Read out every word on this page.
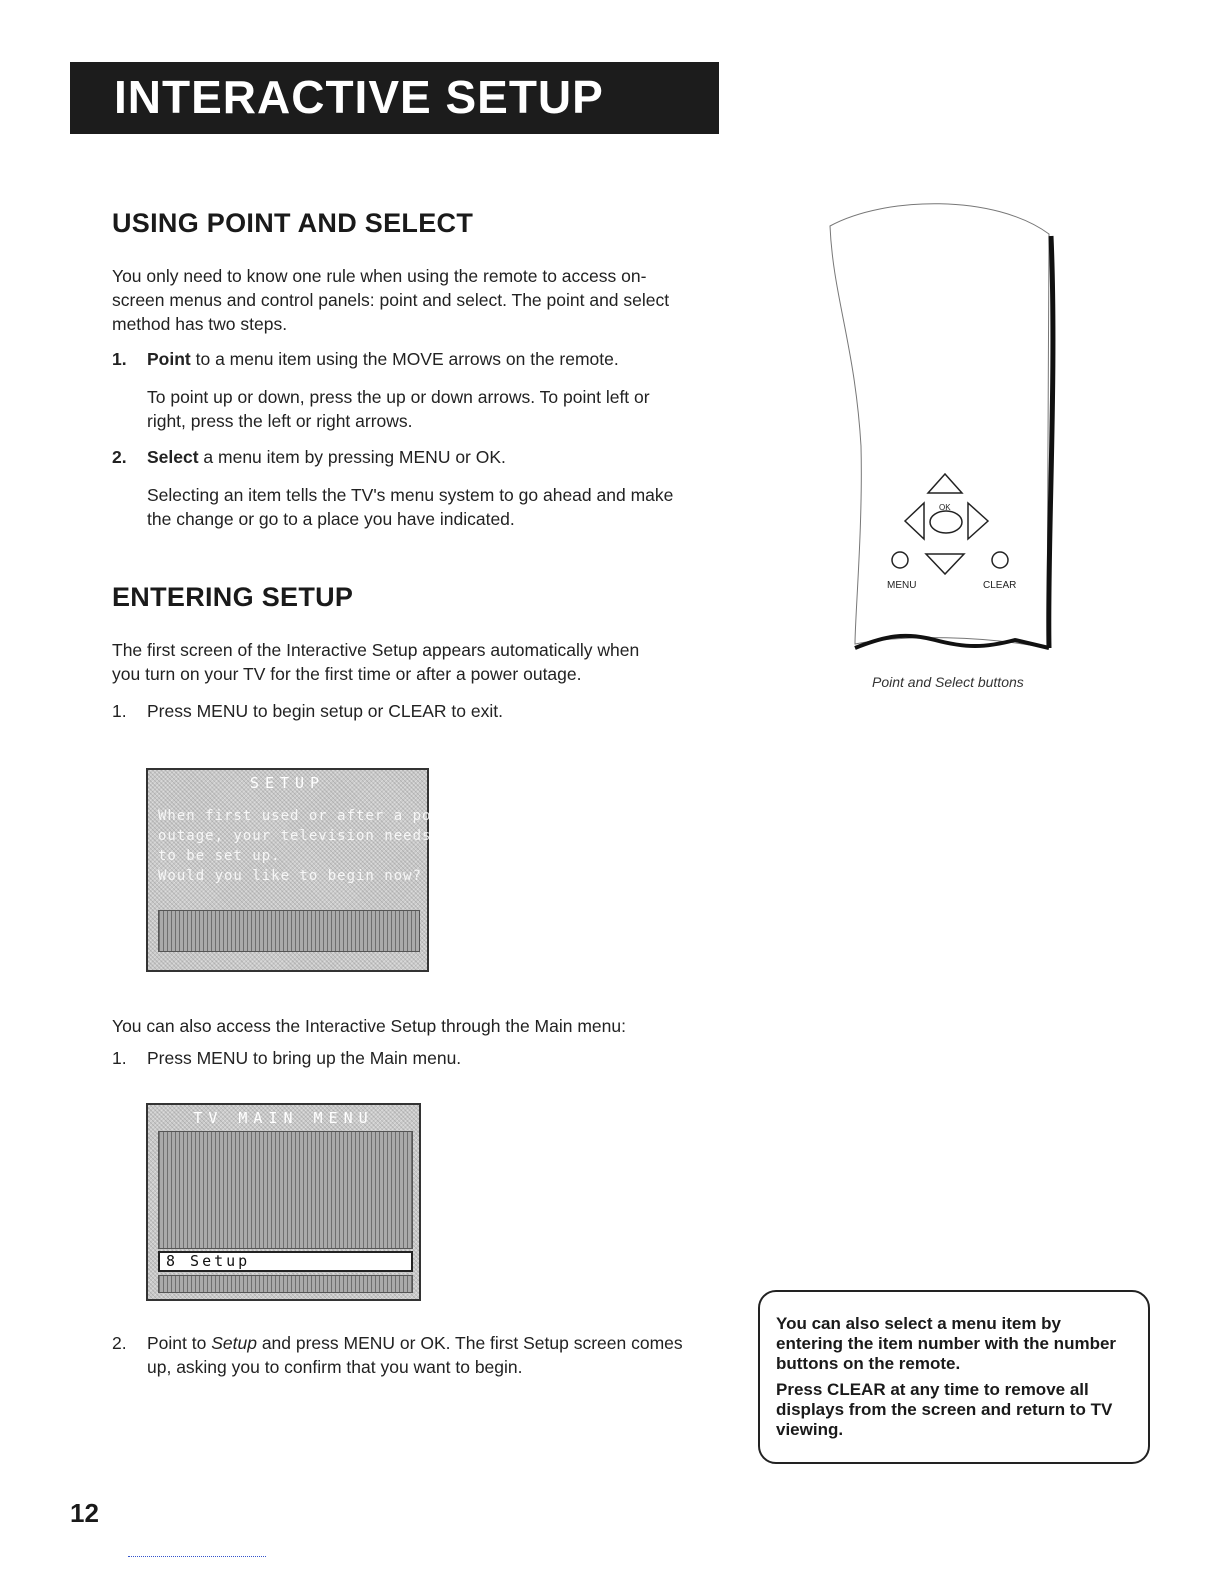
INTERACTIVE SETUP
USING POINT AND SELECT
You only need to know one rule when using the remote to access on-
screen menus and control panels: point and select. The point and select
method has two steps.
1. Point to a menu item using the MOVE arrows on the remote.
To point up or down, press the up or down arrows. To point left or
right, press the left or right arrows.
2. Select a menu item by pressing MENU or OK.
Selecting an item tells the TV's menu system to go ahead and make
the change or go to a place you have indicated.
ENTERING SETUP
The first screen of the Interactive Setup appears automatically when
you turn on your TV for the first time or after a power outage.
1. Press MENU to begin setup or CLEAR to exit.
SETUP
When first used or after a power
outage, your television needs
to be set up.
Would you like to begin now?
You can also access the Interactive Setup through the Main menu:
1. Press MENU to bring up the Main menu.
TV MAIN MENU
8 Setup
2. Point to Setup and press MENU or OK. The first Setup screen comes
up, asking you to confirm that you want to begin.
OK
MENU	CLEAR
Point and Select buttons

You can also select a menu item by entering the item number with the number buttons on the remote.

Press CLEAR at any time to remove all displays from the screen and return to TV viewing.

12
